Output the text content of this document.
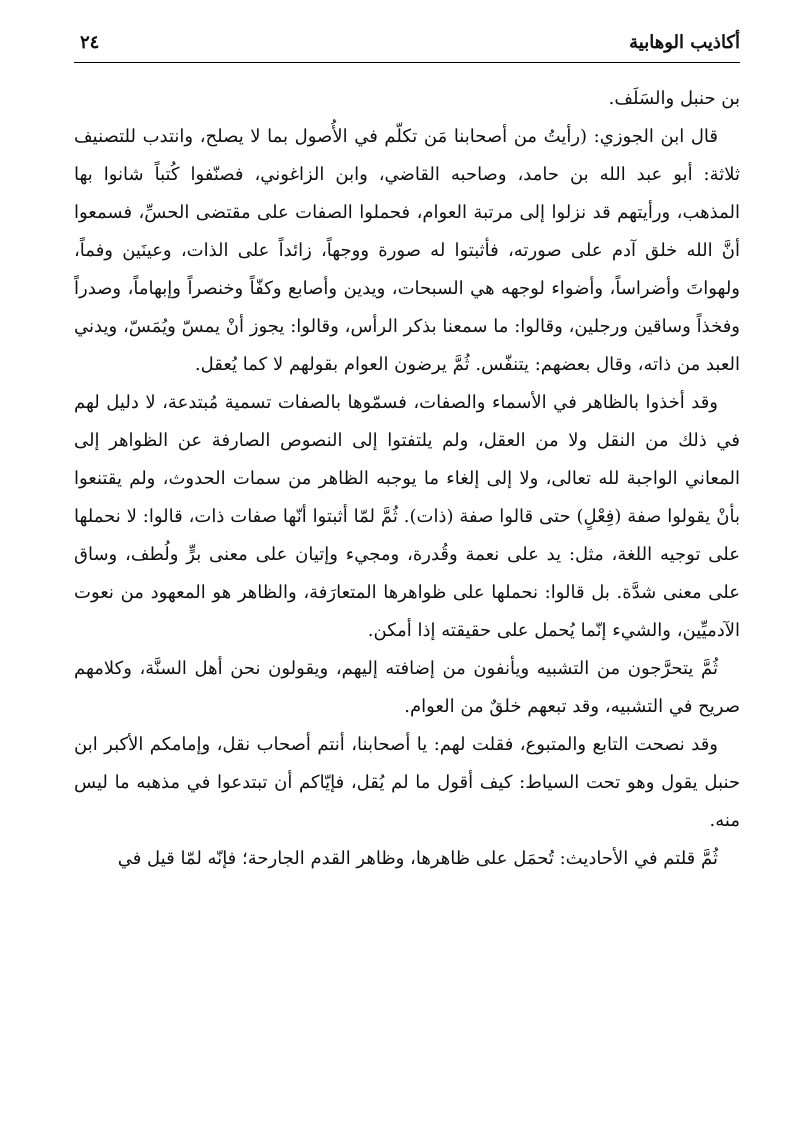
أكاذيب الوهابية
٢٤

بن حنبل والسَلَف.

قال ابن الجوزي: (رأيتُ من أصحابنا مَن تكلّم في الأُصول بما لا يصلح، وانتدب للتصنيف ثلاثة: أبو عبد الله بن حامد، وصاحبه القاضي، وابن الزاغوني، فصنّفوا كُتباً شانوا بها المذهب، ورأيتهم قد نزلوا إلى مرتبة العوام، فحملوا الصفات على مقتضى الحسِّ، فسمعوا أنَّ الله خلق آدم على صورته، فأثبتوا له صورة ووجهاً، زائداً على الذات، وعينَين وفماً، ولهواتَ وأضراساً، وأضواء لوجهه هي السبحات، ويدين وأصابع وكفّاً وخنصراً وإبهاماً، وصدراً وفخذاً وساقين ورجلين، وقالوا: ما سمعنا بذكر الرأس، وقالوا: يجوز أنْ يمسّ ويُمَسّ، ويدني العبد من ذاته، وقال بعضهم: يتنفّس. ثُمَّ يرضون العوام بقولهم لا كما يُعقل.

وقد أخذوا بالظاهر في الأسماء والصفات، فسمّوها بالصفات تسمية مُبتدعة، لا دليل لهم في ذلك من النقل ولا من العقل، ولم يلتفتوا إلى النصوص الصارفة عن الظواهر إلى المعاني الواجبة لله تعالى، ولا إلى إلغاء ما يوجبه الظاهر من سمات الحدوث، ولم يقتنعوا بأنْ يقولوا صفة (فِعْلٍ) حتى قالوا صفة (ذات). ثُمَّ لمّا أثبتوا أنّها صفات ذات، قالوا: لا نحملها على توجيه اللغة، مثل: يد على نعمة وقُدرة، ومجيء وإتيان على معنى برٍّ ولُطف، وساق على معنى شدَّة. بل قالوا: نحملها على ظواهرها المتعارَفة، والظاهر هو المعهود من نعوت الآدميِّين، والشيء إنّما يُحمل على حقيقته إذا أمكن.

ثُمَّ يتحرَّجون من التشبيه ويأنفون من إضافته إليهم، ويقولون نحن أهل السنَّة، وكلامهم صريح في التشبيه، وقد تبعهم خلقٌ من العوام.

وقد نصحت التابع والمتبوع، فقلت لهم: يا أصحابنا، أنتم أصحاب نقل، وإمامكم الأكبر ابن حنبل يقول وهو تحت السياط: كيف أقول ما لم يُقل، فإيّاكم أن تبتدعوا في مذهبه ما ليس منه.

ثُمَّ قلتم في الأحاديث: تُحمَل على ظاهرها، وظاهر القدم الجارحة؛ فإنّه لمّا قيل في
